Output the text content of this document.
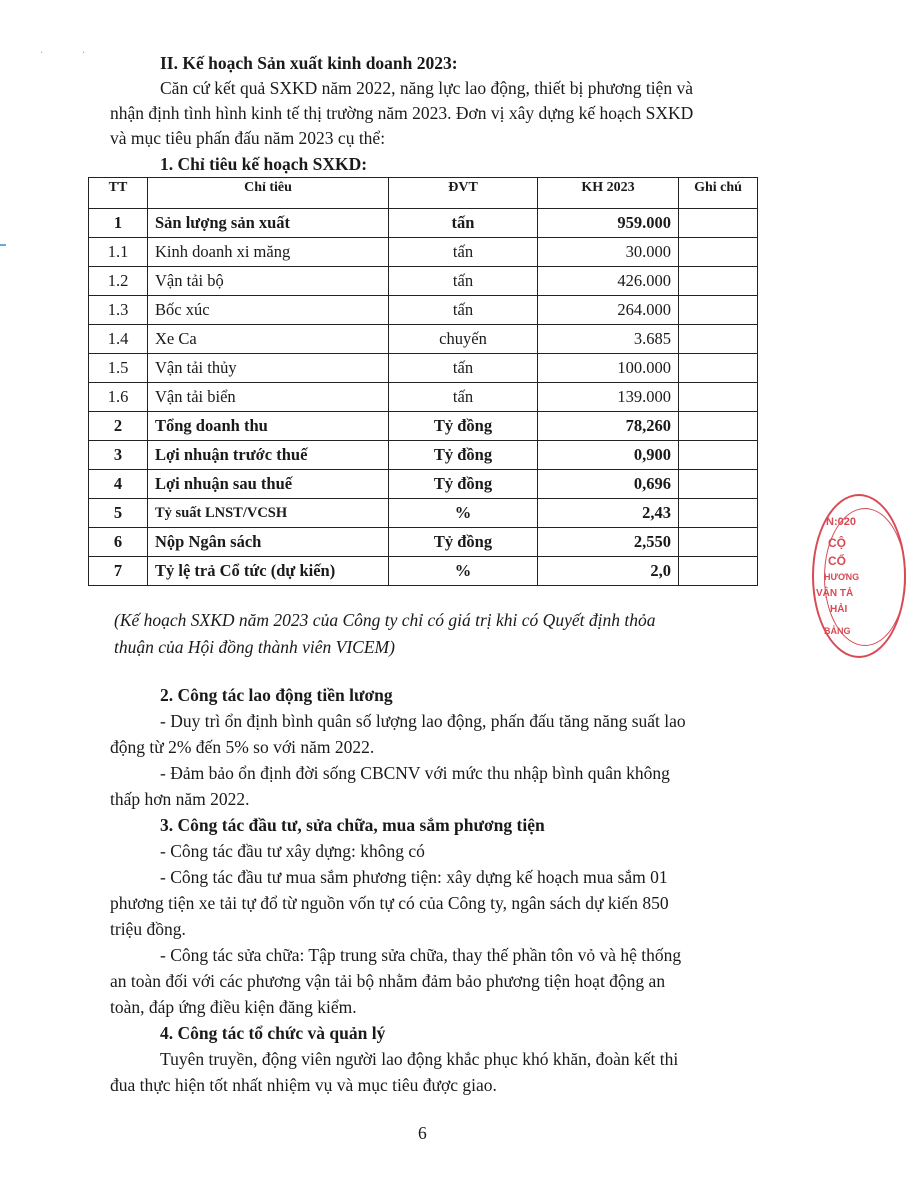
· ·	II. Kế hoạch Sản xuất kinh doanh 2023:
Căn cứ kết quả SXKD năm 2022, năng lực lao động, thiết bị phương tiện và
nhận định tình hình kinh tế thị trường năm 2023. Đơn vị xây dựng kế hoạch SXKD
và mục tiêu phấn đấu năm 2023 cụ thể:
1. Chỉ tiêu kế hoạch SXKD:
TT	Chỉ tiêu	ĐVT	KH 2023	Ghi chú
1	Sản lượng sản xuất	tấn	959.000	
1.1	Kinh doanh xi măng	tấn	30.000	
1.2	Vận tải bộ	tấn	426.000	
1.3	Bốc xúc	tấn	264.000	
1.4	Xe Ca	chuyến	3.685	
1.5	Vận tải thủy	tấn	100.000	
1.6	Vận tải biển	tấn	139.000	
2	Tổng doanh thu	Tỷ đồng	78,260	
3	Lợi nhuận trước thuế	Tỷ đồng	0,900	
4	Lợi nhuận sau thuế	Tỷ đồng	0,696	
5	Tỷ suất LNST/VCSH	%	2,43	
6	Nộp Ngân sách	Tỷ đồng	2,550	
7	Tỷ lệ trả Cổ tức (dự kiến)	%	2,0	
(Kế hoạch SXKD năm 2023 của Công ty chỉ có giá trị khi có Quyết định thỏa
thuận của Hội đồng thành viên VICEM)
2. Công tác lao động tiền lương
- Duy trì ổn định bình quân số lượng lao động, phấn đấu tăng năng suất lao
động từ 2% đến 5% so với năm 2022.
- Đảm bảo ổn định đời sống CBCNV với mức thu nhập bình quân không
thấp hơn năm 2022.
3. Công tác đầu tư, sửa chữa, mua sắm phương tiện
- Công tác đầu tư xây dựng: không có
- Công tác đầu tư mua sắm phương tiện: xây dựng kế hoạch mua sắm 01
phương tiện xe tải tự đổ từ nguồn vốn tự có của Công ty, ngân sách dự kiến 850
triệu đồng.
- Công tác sửa chữa: Tập trung sửa chữa, thay thế phần tôn vỏ và hệ thống
an toàn đối với các phương vận tải bộ nhằm đảm bảo phương tiện hoạt động an
toàn, đáp ứng điều kiện đăng kiểm.
4. Công tác tổ chức và quản lý
Tuyên truyền, động viên người lao động khắc phục khó khăn, đoàn kết thi
đua thực hiện tốt nhất nhiệm vụ và mục tiêu được giao.
6
N:020
CỘ
CỔ
HƯƠNG
VẬN TẢ
HẢI
BẢNG
